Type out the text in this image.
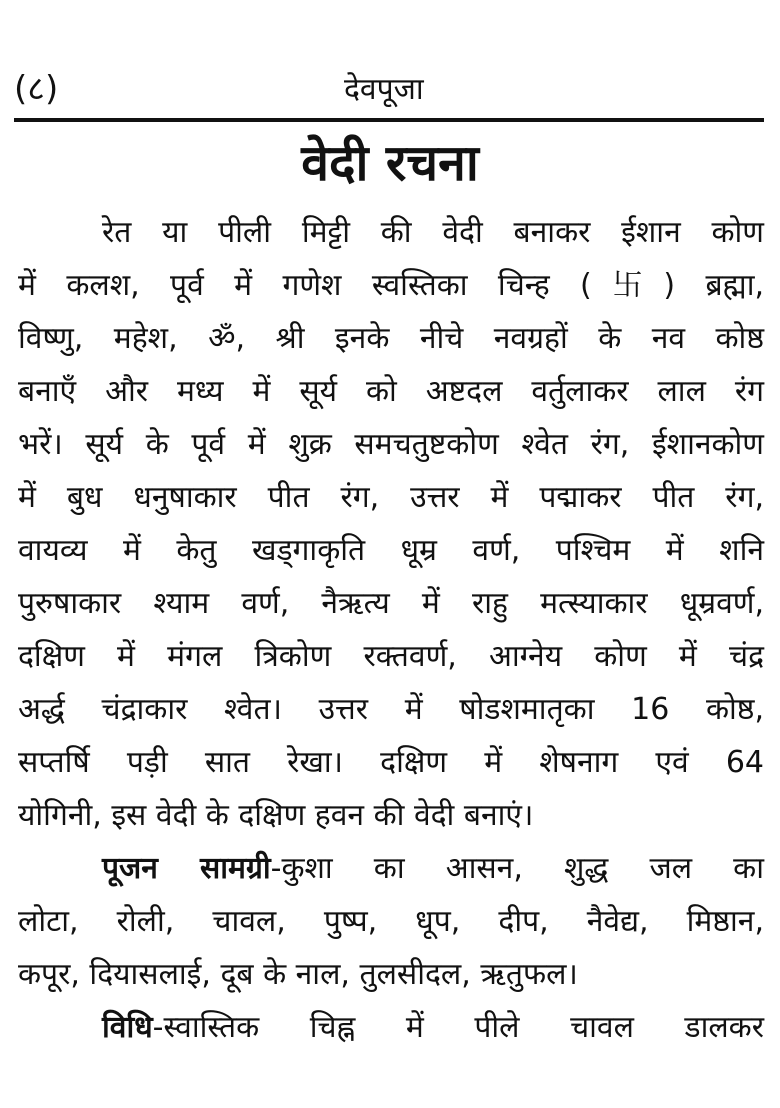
(८)	देवपूजा
वेदी रचना
रेत या पीली मिट्टी की वेदी बनाकर ईशान कोण
में कलश, पूर्व में गणेश स्वस्तिका चिन्ह (卐) ब्रह्मा,
विष्णु, महेश, ॐ, श्री इनके नीचे नवग्रहों के नव कोष्ठ
बनाएँ और मध्य में सूर्य को अष्टदल वर्तुलाकर लाल रंग
भरें। सूर्य के पूर्व में शुक्र समचतुष्टकोण श्वेत रंग, ईशानकोण
में बुध धनुषाकार पीत रंग, उत्तर में पद्माकर पीत रंग,
वायव्य में केतु खड्गाकृति धूम्र वर्ण, पश्चिम में शनि
पुरुषाकार श्याम वर्ण, नैऋत्य में राहु मत्स्याकार धूम्रवर्ण,
दक्षिण में मंगल त्रिकोण रक्तवर्ण, आग्नेय कोण में चंद्र
अर्द्ध चंद्राकार श्वेत। उत्तर में षोडशमातृका 16 कोष्ठ,
सप्तर्षि पड़ी सात रेखा। दक्षिण में शेषनाग एवं 64
योगिनी, इस वेदी के दक्षिण हवन की वेदी बनाएं।
पूजन सामग्री-कुशा का आसन, शुद्ध जल का
लोटा, रोली, चावल, पुष्प, धूप, दीप, नैवेद्य, मिष्ठान,
कपूर, दियासलाई, दूब के नाल, तुलसीदल, ऋतुफल।
विधि-स्वास्तिक चिह्न में पीले चावल डालकर
